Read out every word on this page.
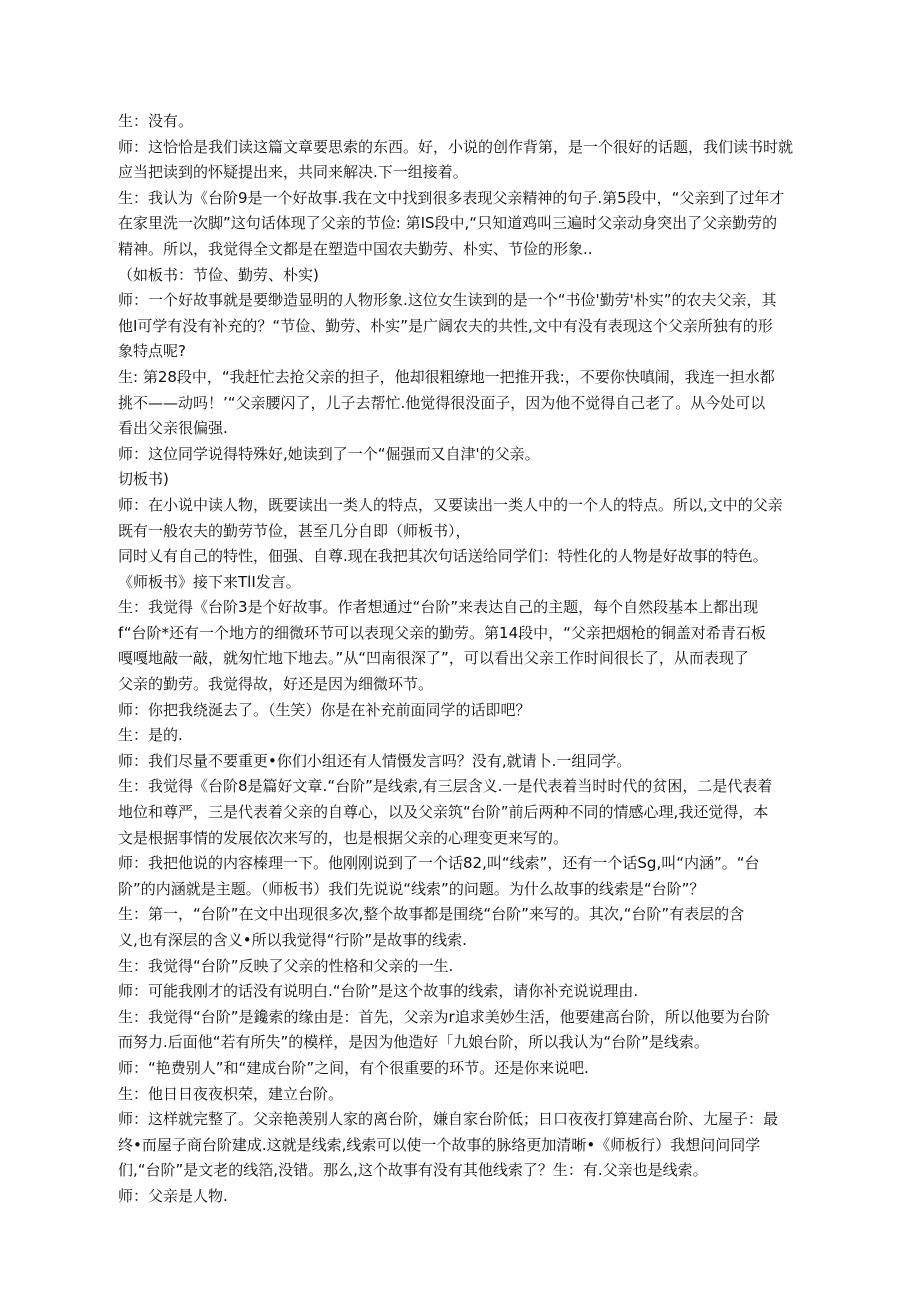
生：没有。
师：这恰恰是我们读这篇文章要思索的东西。好，小说的创作背第，是一个很好的话题，我们读书时就
应当把读到的怀疑提出来，共同来解决.下一组接着。
生：我认为《台阶9是一个好故事.我在文中找到很多表现父亲精神的句子.第5段中，“父亲到了过年才
在家里洗一次脚”这句话体现了父亲的节俭: 第IS段中,“只知道鸡叫三遍时父亲动身突出了父亲勤劳的
精神。所以，我觉得全文都是在塑造中国农夫勤劳、朴实、节俭的形象..
（如板书：节俭、勤劳、朴实)
师：一个好故事就是要缈造显明的人物形象.这位女生读到的是一个“书俭'勤劳'朴实”的农夫父亲，其
他I可学有没有补充的？“节俭、勤劳、朴实”是广阔农夫的共性,文中有没有表现这个父亲所独有的形
象特点呢?
生: 第28段中，“我赶忙去抢父亲的担子，他却很粗缭地一把推开我:，不要你快嗔闹，我连一担水都
挑不——动吗！’“父亲腰闪了，儿子去帮忙.他觉得很没面子，因为他不觉得自己老了。从今处可以
看出父亲很偏强.
师：这位同学说得特殊好,她读到了一个“倔强而又自津'的父亲。
切板书)
师：在小说中读人物，既要读出一类人的特点，又要读出一类人中的一个人的特点。所以,文中的父亲
既有一般农夫的勤劳节俭，甚至几分自即（师板书），
同时乂有自己的特性，佃强、自尊.现在我把其次句话送给同学们：特性化的人物是好故事的特色。
《师板书》接下来TlI发言。
生：我觉得《台阶3是个好故事。作者想通过“台阶”来表达自己的主题，每个自然段基本上都出现
f“台阶*还有一个地方的细微环节可以表现父亲的勤劳。第14段中，“父亲把烟枪的铜盖对希青石板
嘎嘎地敲一敲，就匆忙地下地去。”从“凹南很深了”，可以看出父亲工作时间很长了，从而表现了
父亲的勤劳。我觉得故，好还是因为细微环节。
师：你把我绕涎去了。（生笑）你是在补充前面同学的话即吧？
生：是的.
师：我们尽量不要重更•你们小组还有人情慑发言吗？没有,就请卜.一组同学。
生：我觉得《台阶8是篇好文章.“台阶”是线索,有三层含义.一是代表着当时时代的贫困，二是代表着
地位和尊严，三是代表着父亲的自尊心，以及父亲筑“台阶”前后两种不同的情感心理,我还觉得，本
文是根据事情的发展依次来写的，也是根据父亲的心理变更来写的。
师：我把他说的内容榛理一下。他刚刚说到了一个话82,叫“线索”，还有一个话Sg,叫“内涵”。“台
阶”的内涵就是主题。（师板书）我们先说说“线索”的问题。为什么故事的线索是“台阶”？
生：第一，“台阶”在文中出现很多次,整个故事都是围绕“台阶”来写的。其次,“台阶”有表层的含
义,也有深层的含义•所以我觉得“行阶”是故事的线索.
生：我觉得“台阶”反映了父亲的性格和父亲的一生.
师：可能我刚才的话没有说明白.“台阶”是这个故事的线索，请你补充说说理由.
生：我觉得“台阶”是鑱索的缘由是：首先，父亲为r追求美妙生活，他要建高台阶，所以他要为台阶
而努力.后面他“若有所失”的模样，是因为他造好「九娘台阶，所以我认为“台阶”是线索。
师：“艳费别人”和“建成台阶”之间，有个很重要的环节。还是你来说吧.
生：他日日夜夜枳荣，建立台阶。
师：这样就完整了。父亲艳羡别人家的离台阶，嫌自家台阶低；日口夜夜打算建高台阶、尢屋子：最
终•而屋子商台阶建成.这就是线索,线索可以使一个故事的脉络更加清晰•《师板行）我想问问同学
们,“台阶”是文老的线箔,没错。那么,这个故事有没有其他线索了？生：有.父亲也是线索。
师：父亲是人物.
